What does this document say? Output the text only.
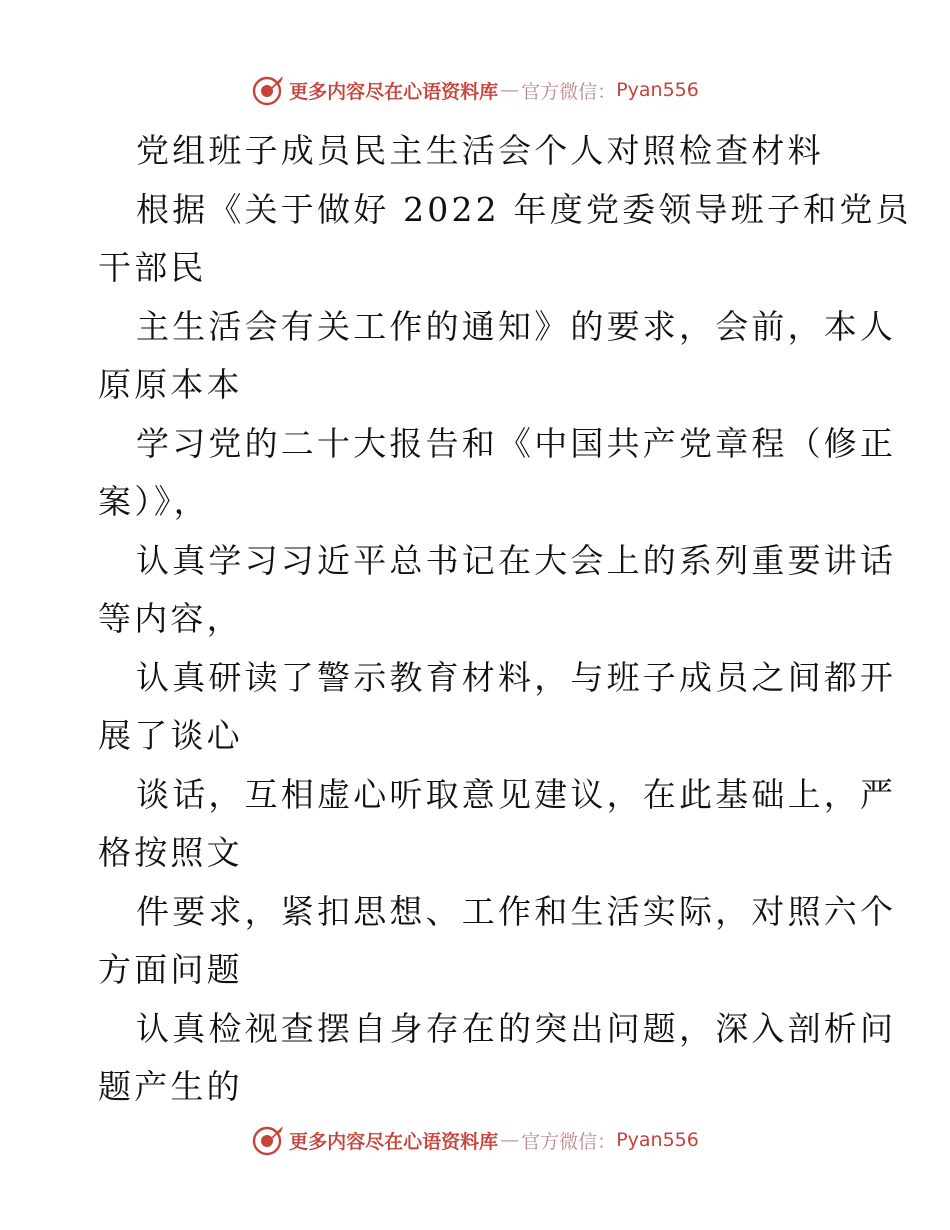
更多内容尽在心语资料库 — 官方微信： Pyan556
党组班子成员民主生活会个人对照检查材料
根据《关于做好 2022 年度党委领导班子和党员
干部民
主生活会有关工作的通知》的要求，会前，本人
原原本本
学习党的二十大报告和《中国共产党章程（修正
案）》，
认真学习习近平总书记在大会上的系列重要讲话
等内容，
认真研读了警示教育材料，与班子成员之间都开
展了谈心
谈话，互相虚心听取意见建议，在此基础上，严
格按照文
件要求，紧扣思想、工作和生活实际，对照六个
方面问题
认真检视查摆自身存在的突出问题，深入剖析问
题产生的
更多内容尽在心语资料库 — 官方微信： Pyan556
